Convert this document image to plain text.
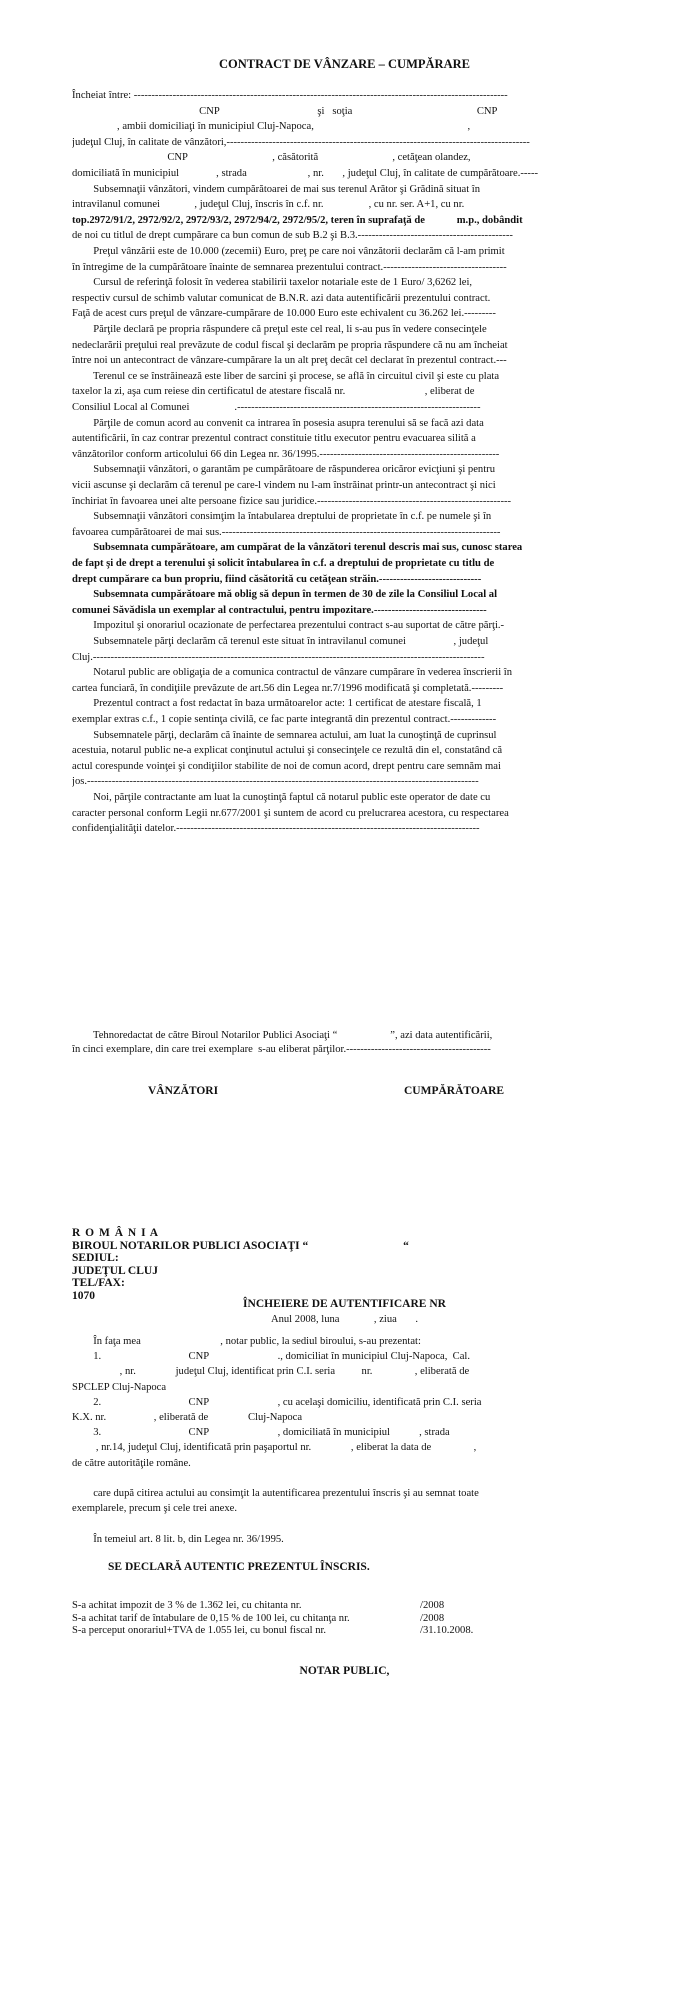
CONTRACT DE VÂNZARE – CUMPĂRARE
Încheiat între: ----------------------------------------------------------------------------------------------------------
CNP                                     şi   soţia                                               CNP
, ambii domiciliaţi în municipiul Cluj-Napoca,                                                          ,
judeţul Cluj, în calitate de vânzători,--------------------------------------------------------------------------------------
CNP                                , căsătorită                            , cetăţean olandez,
domiciliată în municipiul              , strada                       , nr.       , judeţul Cluj, în calitate de cumpărătoare.-----
Subsemnaţii vânzători, vindem cumpărătoarei de mai sus terenul Arător şi Grădină situat în
intravilanul comunei             , judeţul Cluj, înscris în c.f. nr.                 , cu nr. ser. A+1, cu nr.
top.2972/91/2, 2972/92/2, 2972/93/2, 2972/94/2, 2972/95/2, teren în suprafaţă de            m.p., dobândit
de noi cu titlul de drept cumpărare ca bun comun de sub B.2 şi B.3.--------------------------------------------
Preţul vânzării este de 10.000 (zecemii) Euro, preţ pe care noi vânzătorii declarăm că l-am primit
în întregime de la cumpărătoare înainte de semnarea prezentului contract.-----------------------------------
Cursul de referinţă folosit în vederea stabilirii taxelor notariale este de 1 Euro/ 3,6262 lei,
respectiv cursul de schimb valutar comunicat de B.N.R. azi data autentificării prezentului contract.
Faţă de acest curs preţul de vânzare-cumpărare de 10.000 Euro este echivalent cu 36.262 lei.---------
Părţile declară pe propria răspundere că preţul este cel real, li s-au pus în vedere consecinţele
nedeclarării preţului real prevăzute de codul fiscal şi declarăm pe propria răspundere că nu am încheiat
între noi un antecontract de vânzare-cumpărare la un alt preţ decât cel declarat în prezentul contract.---
Terenul ce se înstrăinează este liber de sarcini şi procese, se află în circuitul civil şi este cu plata
taxelor la zi, aşa cum reiese din certificatul de atestare fiscală nr.                              , eliberat de
Consiliul Local al Comunei                 .---------------------------------------------------------------------
Părţile de comun acord au convenit ca intrarea în posesia asupra terenului să se facă azi data
autentificării, în caz contrar prezentul contract constituie titlu executor pentru evacuarea silită a
vânzătorilor conform articolului 66 din Legea nr. 36/1995.---------------------------------------------------
Subsemnaţii vânzători, o garantăm pe cumpărătoare de răspunderea oricăror evicţiuni şi pentru
vicii ascunse şi declarăm că terenul pe care-l vindem nu l-am înstrăinat printr-un antecontract şi nici
închiriat în favoarea unei alte persoane fizice sau juridice.-------------------------------------------------------
Subsemnaţii vânzători consimţim la întabularea dreptului de proprietate în c.f. pe numele şi în
favoarea cumpărătoarei de mai sus.-------------------------------------------------------------------------------
Subsemnata cumpărătoare, am cumpărat de la vânzători terenul descris mai sus, cunosc starea
de fapt şi de drept a terenului şi solicit întabularea în c.f. a dreptului de proprietate cu titlu de
drept cumpărare ca bun propriu, fiind căsătorită cu cetăţean străin.-----------------------------
Subsemnata cumpărătoare mă oblig să depun în termen de 30 de zile la Consiliul Local al
comunei Săvădisla un exemplar al contractului, pentru impozitare.--------------------------------
Impozitul şi onorariul ocazionate de perfectarea prezentului contract s-au suportat de către părţi.-
Subsemnatele părţi declarăm că terenul este situat în intravilanul comunei                  , judeţul
Cluj.---------------------------------------------------------------------------------------------------------------
Notarul public are obligaţia de a comunica contractul de vânzare cumpărare în vederea înscrierii în
cartea funciară, în condiţiile prevăzute de art.56 din Legea nr.7/1996 modificată şi completată.---------
Prezentul contract a fost redactat în baza următoarelor acte: 1 certificat de atestare fiscală, 1
exemplar extras c.f., 1 copie sentinţa civilă, ce fac parte integrantă din prezentul contract.-------------
Subsemnatele părţi, declarăm că înainte de semnarea actului, am luat la cunoştinţă de cuprinsul
acestuia, notarul public ne-a explicat conţinutul actului şi consecinţele ce rezultă din el, constatând că
actul corespunde voinţei şi condiţiilor stabilite de noi de comun acord, drept pentru care semnăm mai
jos.---------------------------------------------------------------------------------------------------------------
Noi, părţile contractante am luat la cunoştinţă faptul că notarul public este operator de date cu
caracter personal conform Legii nr.677/2001 şi suntem de acord cu prelucrarea acestora, cu respectarea
confidenţialităţii datelor.--------------------------------------------------------------------------------------
Tehnoredactat de către Biroul Notarilor Publici Asociaţi “                    ”, azi data autentificării,
în cinci exemplare, din care trei exemplare  s-au eliberat părţilor.-----------------------------------------
VÂNZĂTORI	CUMPĂRĂTOARE
R O M Â N I A
BIROUL NOTARILOR PUBLICI ASOCIAŢI “                                 “
SEDIUL:
JUDEŢUL CLUJ
TEL/FAX:
1070
ÎNCHEIERE DE AUTENTIFICARE NR
Anul 2008, luna             , ziua       .
În faţa mea                              , notar public, la sediul biroului, s-au prezentat:
1.                                 CNP                          ., domiciliat în municipiul Cluj-Napoca,  Cal.
, nr.               judeţul Cluj, identificat prin C.I. seria          nr.                , eliberată de
SPCLEP Cluj-Napoca
2.                                 CNP                          , cu acelaşi domiciliu, identificată prin C.I. seria
K.X. nr.                  , eliberată de               Cluj-Napoca
3.                                 CNP                          , domiciliată în municipiul           , strada
, nr.14, judeţul Cluj, identificată prin paşaportul nr.               , eliberat la data de                ,
de către autorităţile române.
care după citirea actului au consimţit la autentificarea prezentului înscris şi au semnat toate
exemplarele, precum şi cele trei anexe.
În temeiul art. 8 lit. b, din Legea nr. 36/1995.
SE DECLARĂ AUTENTIC PREZENTUL ÎNSCRIS.
S-a achitat impozit de 3 % de 1.362 lei, cu chitanta nr.	/2008
S-a achitat tarif de întabulare de 0,15 % de 100 lei, cu chitanţa nr.	/2008
S-a perceput onorariul+TVA de 1.055 lei, cu bonul fiscal nr.	/31.10.2008.
NOTAR PUBLIC,
